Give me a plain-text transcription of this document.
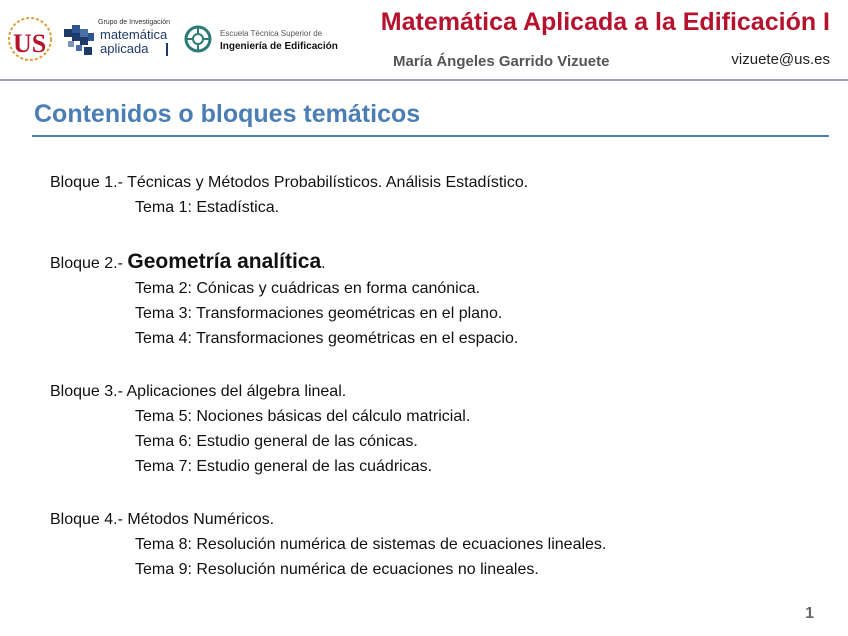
US
Grupo de Investigación
matemática
aplicada
Escuela Técnica Superior de
Ingeniería de Edificación
Matemática Aplicada a la Edificación I
María Ángeles Garrido Vizuete	vizuete@us.es
Contenidos o bloques temáticos
Bloque 1.- Técnicas y Métodos Probabilísticos. Análisis Estadístico.
Tema 1: Estadística.
Bloque 2.- Geometría analítica.
Tema 2: Cónicas y cuádricas en forma canónica.
Tema 3: Transformaciones geométricas en el plano.
Tema 4: Transformaciones geométricas en el espacio.
Bloque 3.- Aplicaciones del álgebra lineal.
Tema 5: Nociones básicas del cálculo matricial.
Tema 6: Estudio general de las cónicas.
Tema 7: Estudio general de las cuádricas.
Bloque 4.- Métodos Numéricos.
Tema 8: Resolución numérica de sistemas de ecuaciones lineales.
Tema 9: Resolución numérica de ecuaciones no lineales.
1
